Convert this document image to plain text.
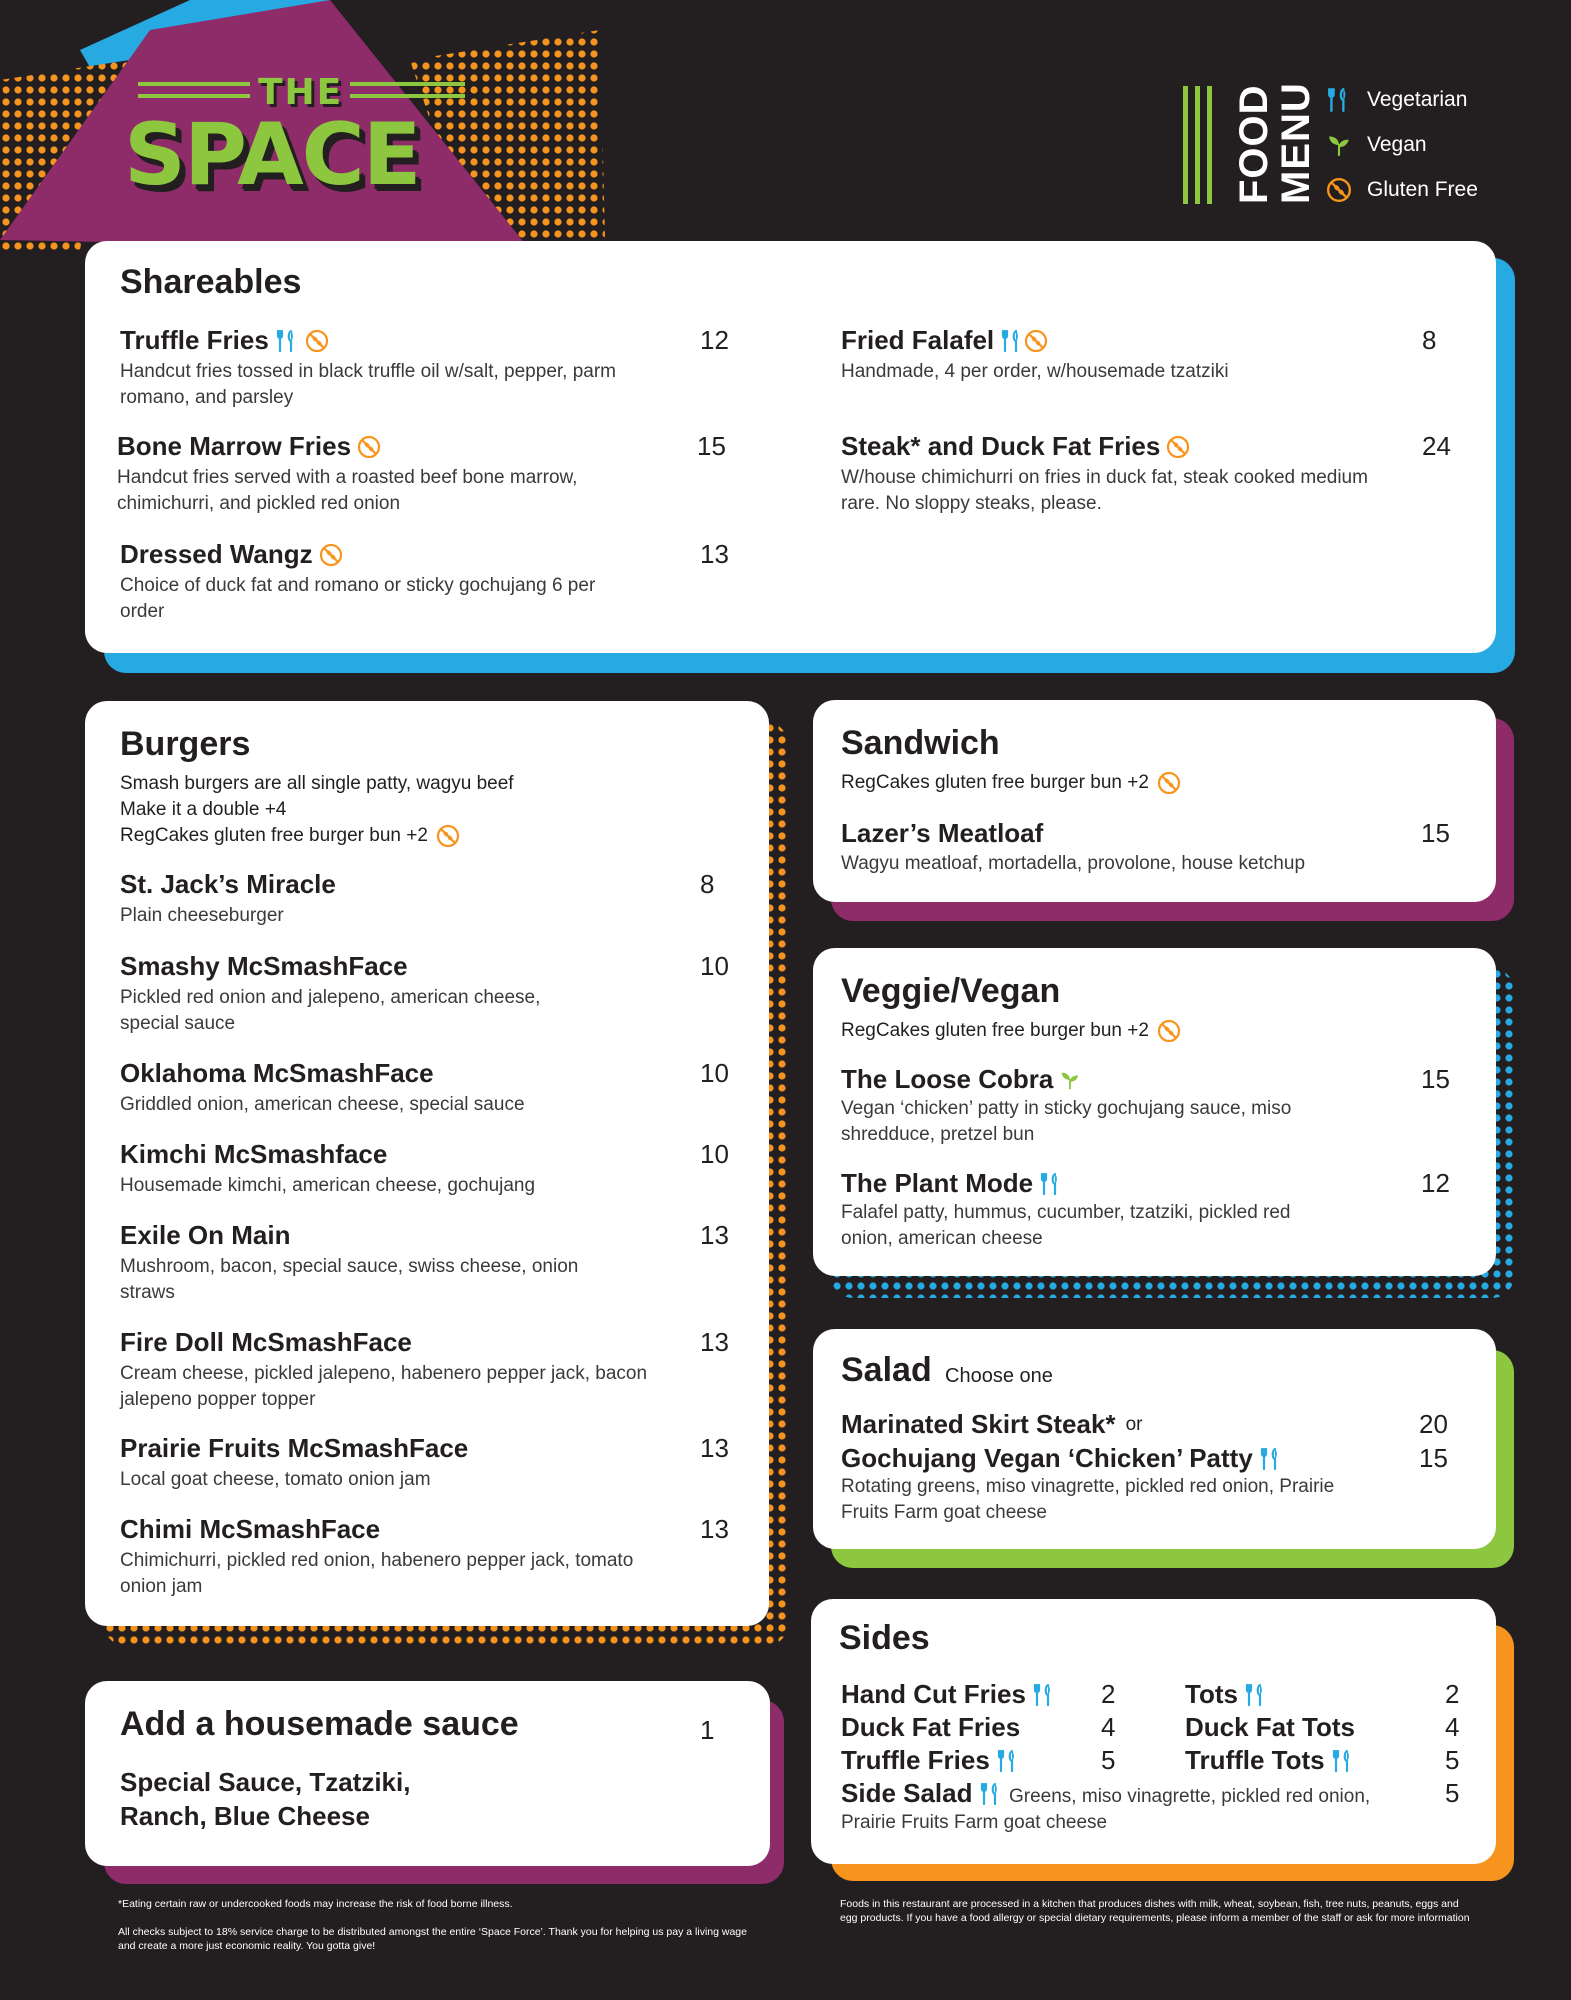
THE
SPACE	FOOD
MENU Vegetarian
Vegan
Gluten Free
Shareables
Truffle Fries	12
Handcut fries tossed in black truffle oil w/salt, pepper, parm romano, and parsley
Bone Marrow Fries	15
Handcut fries served with a roasted beef bone marrow, chimichurri, and pickled red onion
Dressed Wangz	13
Choice of duck fat and romano or sticky gochujang 6 per order
Fried Falafel	8
Handmade, 4 per order, w/housemade tzatziki
Steak* and Duck Fat Fries	24
W/house chimichurri on fries in duck fat, steak cooked medium rare. No sloppy steaks, please.
Burgers
Smash burgers are all single patty, wagyu beef
Make it a double +4
RegCakes gluten free burger bun +2
St. Jack’s Miracle	8
Plain cheeseburger
Smashy McSmashFace	10
Pickled red onion and jalepeno, american cheese, special sauce
Oklahoma McSmashFace	10
Griddled onion, american cheese, special sauce
Kimchi McSmashface	10
Housemade kimchi, american cheese, gochujang
Exile On Main	13
Mushroom, bacon, special sauce, swiss cheese, onion straws
Fire Doll McSmashFace	13
Cream cheese, pickled jalepeno, habenero pepper jack, bacon jalepeno popper topper
Prairie Fruits McSmashFace	13
Local goat cheese, tomato onion jam
Chimi McSmashFace	13
Chimichurri, pickled red onion, habenero pepper jack, tomato onion jam
Add a housemade sauce	1
Special Sauce, Tzatziki, Ranch, Blue Cheese
Sandwich
RegCakes gluten free burger bun +2
Lazer’s Meatloaf	15
Wagyu meatloaf, mortadella, provolone, house ketchup
Veggie/Vegan
RegCakes gluten free burger bun +2
The Loose Cobra	15
Vegan ‘chicken’ patty in sticky gochujang sauce, miso shredduce, pretzel bun
The Plant Mode	12
Falafel patty, hummus, cucumber, tzatziki, pickled red onion, american cheese
Salad Choose one
Marinated Skirt Steak* or	20
Gochujang Vegan ‘Chicken’ Patty	15
Rotating greens, miso vinagrette, pickled red onion, Prairie Fruits Farm goat cheese
Sides
Hand Cut Fries	2
Duck Fat Fries	4
Truffle Fries	5
Tots	2
Duck Fat Tots	4
Truffle Tots	5
Side Salad	5
Greens, miso vinagrette, pickled red onion, Prairie Fruits Farm goat cheese
*Eating certain raw or undercooked foods may increase the risk of food borne illness.
All checks subject to 18% service charge to be distributed amongst the entire ‘Space Force’. Thank you for helping us pay a living wage and create a more just economic reality. You gotta give!
Foods in this restaurant are processed in a kitchen that produces dishes with milk, wheat, soybean, fish, tree nuts, peanuts, eggs and egg products. If you have a food allergy or special dietary requirements, please inform a member of the staff or ask for more information
